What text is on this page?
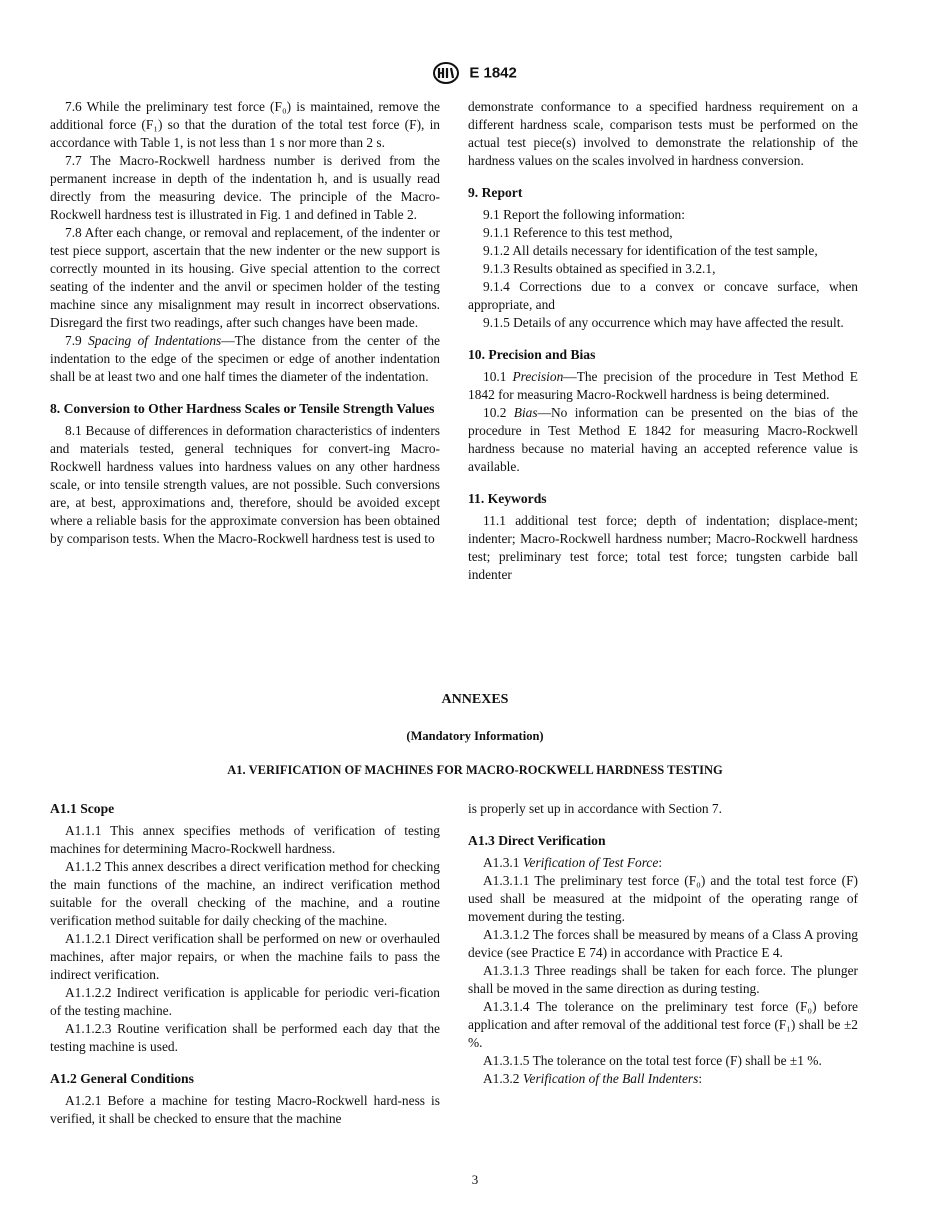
E 1842

7.6 While the preliminary test force (F₀) is maintained, remove the additional force (F₁) so that the duration of the total test force (F), in accordance with Table 1, is not less than 1 s nor more than 2 s.

7.7 The Macro-Rockwell hardness number is derived from the permanent increase in depth of the indentation h, and is usually read directly from the measuring device. The principle of the Macro-Rockwell hardness test is illustrated in Fig. 1 and defined in Table 2.

7.8 After each change, or removal and replacement, of the indenter or test piece support, ascertain that the new indenter or the new support is correctly mounted in its housing. Give special attention to the correct seating of the indenter and the anvil or specimen holder of the testing machine since any misalignment may result in incorrect observations. Disregard the first two readings, after such changes have been made.

7.9 Spacing of Indentations—The distance from the center of the indentation to the edge of the specimen or edge of another indentation shall be at least two and one half times the diameter of the indentation.

8. Conversion to Other Hardness Scales or Tensile Strength Values

8.1 Because of differences in deformation characteristics of indenters and materials tested, general techniques for convert-ing Macro-Rockwell hardness values into hardness values on any other hardness scale, or into tensile strength values, are not possible. Such conversions are, at best, approximations and, therefore, should be avoided except where a reliable basis for the approximate conversion has been obtained by comparison tests. When the Macro-Rockwell hardness test is used to

demonstrate conformance to a specified hardness requirement on a different hardness scale, comparison tests must be performed on the actual test piece(s) involved to demonstrate the relationship of the hardness values on the scales involved in hardness conversion.

9. Report

9.1 Report the following information:

9.1.1 Reference to this test method,

9.1.2 All details necessary for identification of the test sample,

9.1.3 Results obtained as specified in 3.2.1,

9.1.4 Corrections due to a convex or concave surface, when appropriate, and

9.1.5 Details of any occurrence which may have affected the result.

10. Precision and Bias

10.1 Precision—The precision of the procedure in Test Method E 1842 for measuring Macro-Rockwell hardness is being determined.

10.2 Bias—No information can be presented on the bias of the procedure in Test Method E 1842 for measuring Macro-Rockwell hardness because no material having an accepted reference value is available.

11. Keywords

11.1 additional test force; depth of indentation; displace-ment; indenter; Macro-Rockwell hardness number; Macro-Rockwell hardness test; preliminary test force; total test force; tungsten carbide ball indenter

ANNEXES
(Mandatory Information)
A1. VERIFICATION OF MACHINES FOR MACRO-ROCKWELL HARDNESS TESTING
A1.1 Scope

A1.1.1 This annex specifies methods of verification of testing machines for determining Macro-Rockwell hardness.

A1.1.2 This annex describes a direct verification method for checking the main functions of the machine, an indirect verification method suitable for the overall checking of the machine, and a routine verification method suitable for daily checking of the machine.

A1.1.2.1 Direct verification shall be performed on new or overhauled machines, after major repairs, or when the machine fails to pass the indirect verification.

A1.1.2.2 Indirect verification is applicable for periodic veri-fication of the testing machine.

A1.1.2.3 Routine verification shall be performed each day that the testing machine is used.

A1.2 General Conditions

A1.2.1 Before a machine for testing Macro-Rockwell hard-ness is verified, it shall be checked to ensure that the machine

is properly set up in accordance with Section 7.

A1.3 Direct Verification

A1.3.1 Verification of Test Force:

A1.3.1.1 The preliminary test force (F₀) and the total test force (F) used shall be measured at the midpoint of the operating range of movement during the testing.

A1.3.1.2 The forces shall be measured by means of a Class A proving device (see Practice E 74) in accordance with Practice E 4.

A1.3.1.3 Three readings shall be taken for each force. The plunger shall be moved in the same direction as during testing.

A1.3.1.4 The tolerance on the preliminary test force (F₀) before application and after removal of the additional test force (F₁) shall be ±2 %.

A1.3.1.5 The tolerance on the total test force (F) shall be ±1 %.

A1.3.2 Verification of the Ball Indenters:

3
